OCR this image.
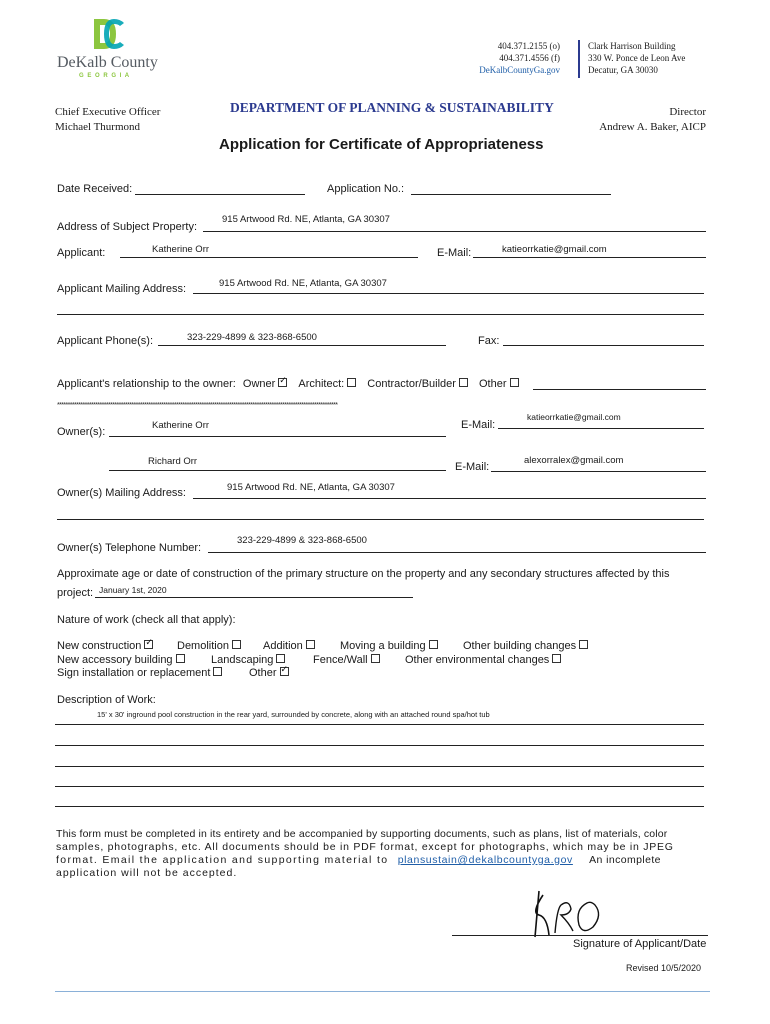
DeKalb County
G E O R G I A
404.371.2155 (o)
404.371.4556 (f)
DeKalbCountyGa.gov
Clark Harrison Building
330 W. Ponce de Leon Ave
Decatur, GA 30030
Chief Executive Officer
Michael Thurmond
DEPARTMENT OF PLANNING & SUSTAINABILITY	Director
Andrew A. Baker, AICP
Application for Certificate of Appropriateness
Date Received:	Application No.:
Address of Subject Property:
915 Artwood Rd. NE, Atlanta, GA 30307
Applicant:	Katherine Orr	E-Mail:	katieorrkatie@gmail.com
Applicant Mailing Address:	915 Artwood Rd. NE, Atlanta, GA 30307
Applicant Phone(s):	323-229-4899 & 323-868-6500	Fax:
Applicant's relationship to the owner: Owner ✓ Architect: Contractor/Builder Other
************************************************************************************************************************************
Owner(s):
Katherine Orr	E-Mail:
katieorrkatie@gmail.com
Richard Orr	E-Mail:
alexorralex@gmail.com
Owner(s) Mailing Address:	915 Artwood Rd. NE, Atlanta, GA 30307
Owner(s) Telephone Number:
323-229-4899 & 323-868-6500
Approximate age or date of construction of the primary structure on the property and any secondary structures affected by this
project: January 1st, 2020
Nature of work (check all that apply):
New construction ✓	Demolition	Addition	Moving a building	Other building changes
New accessory building	Landscaping	Fence/Wall	Other environmental changes
Sign installation or replacement	Other✓
Description of Work:
15' x 30' inground pool construction in the rear yard, surrounded by concrete, along with an attached round spa/hot tub
This form must be completed in its entirety and be accompanied by supporting documents, such as plans, list of materials, color
samples, photographs, etc. All documents should be in PDF format, except for photographs, which may be in JPEG
format. Email the application and supporting material to plansustain@dekalbcountyga.gov An incomplete
application will not be accepted.
Signature of Applicant/Date
Revised 10/5/2020
